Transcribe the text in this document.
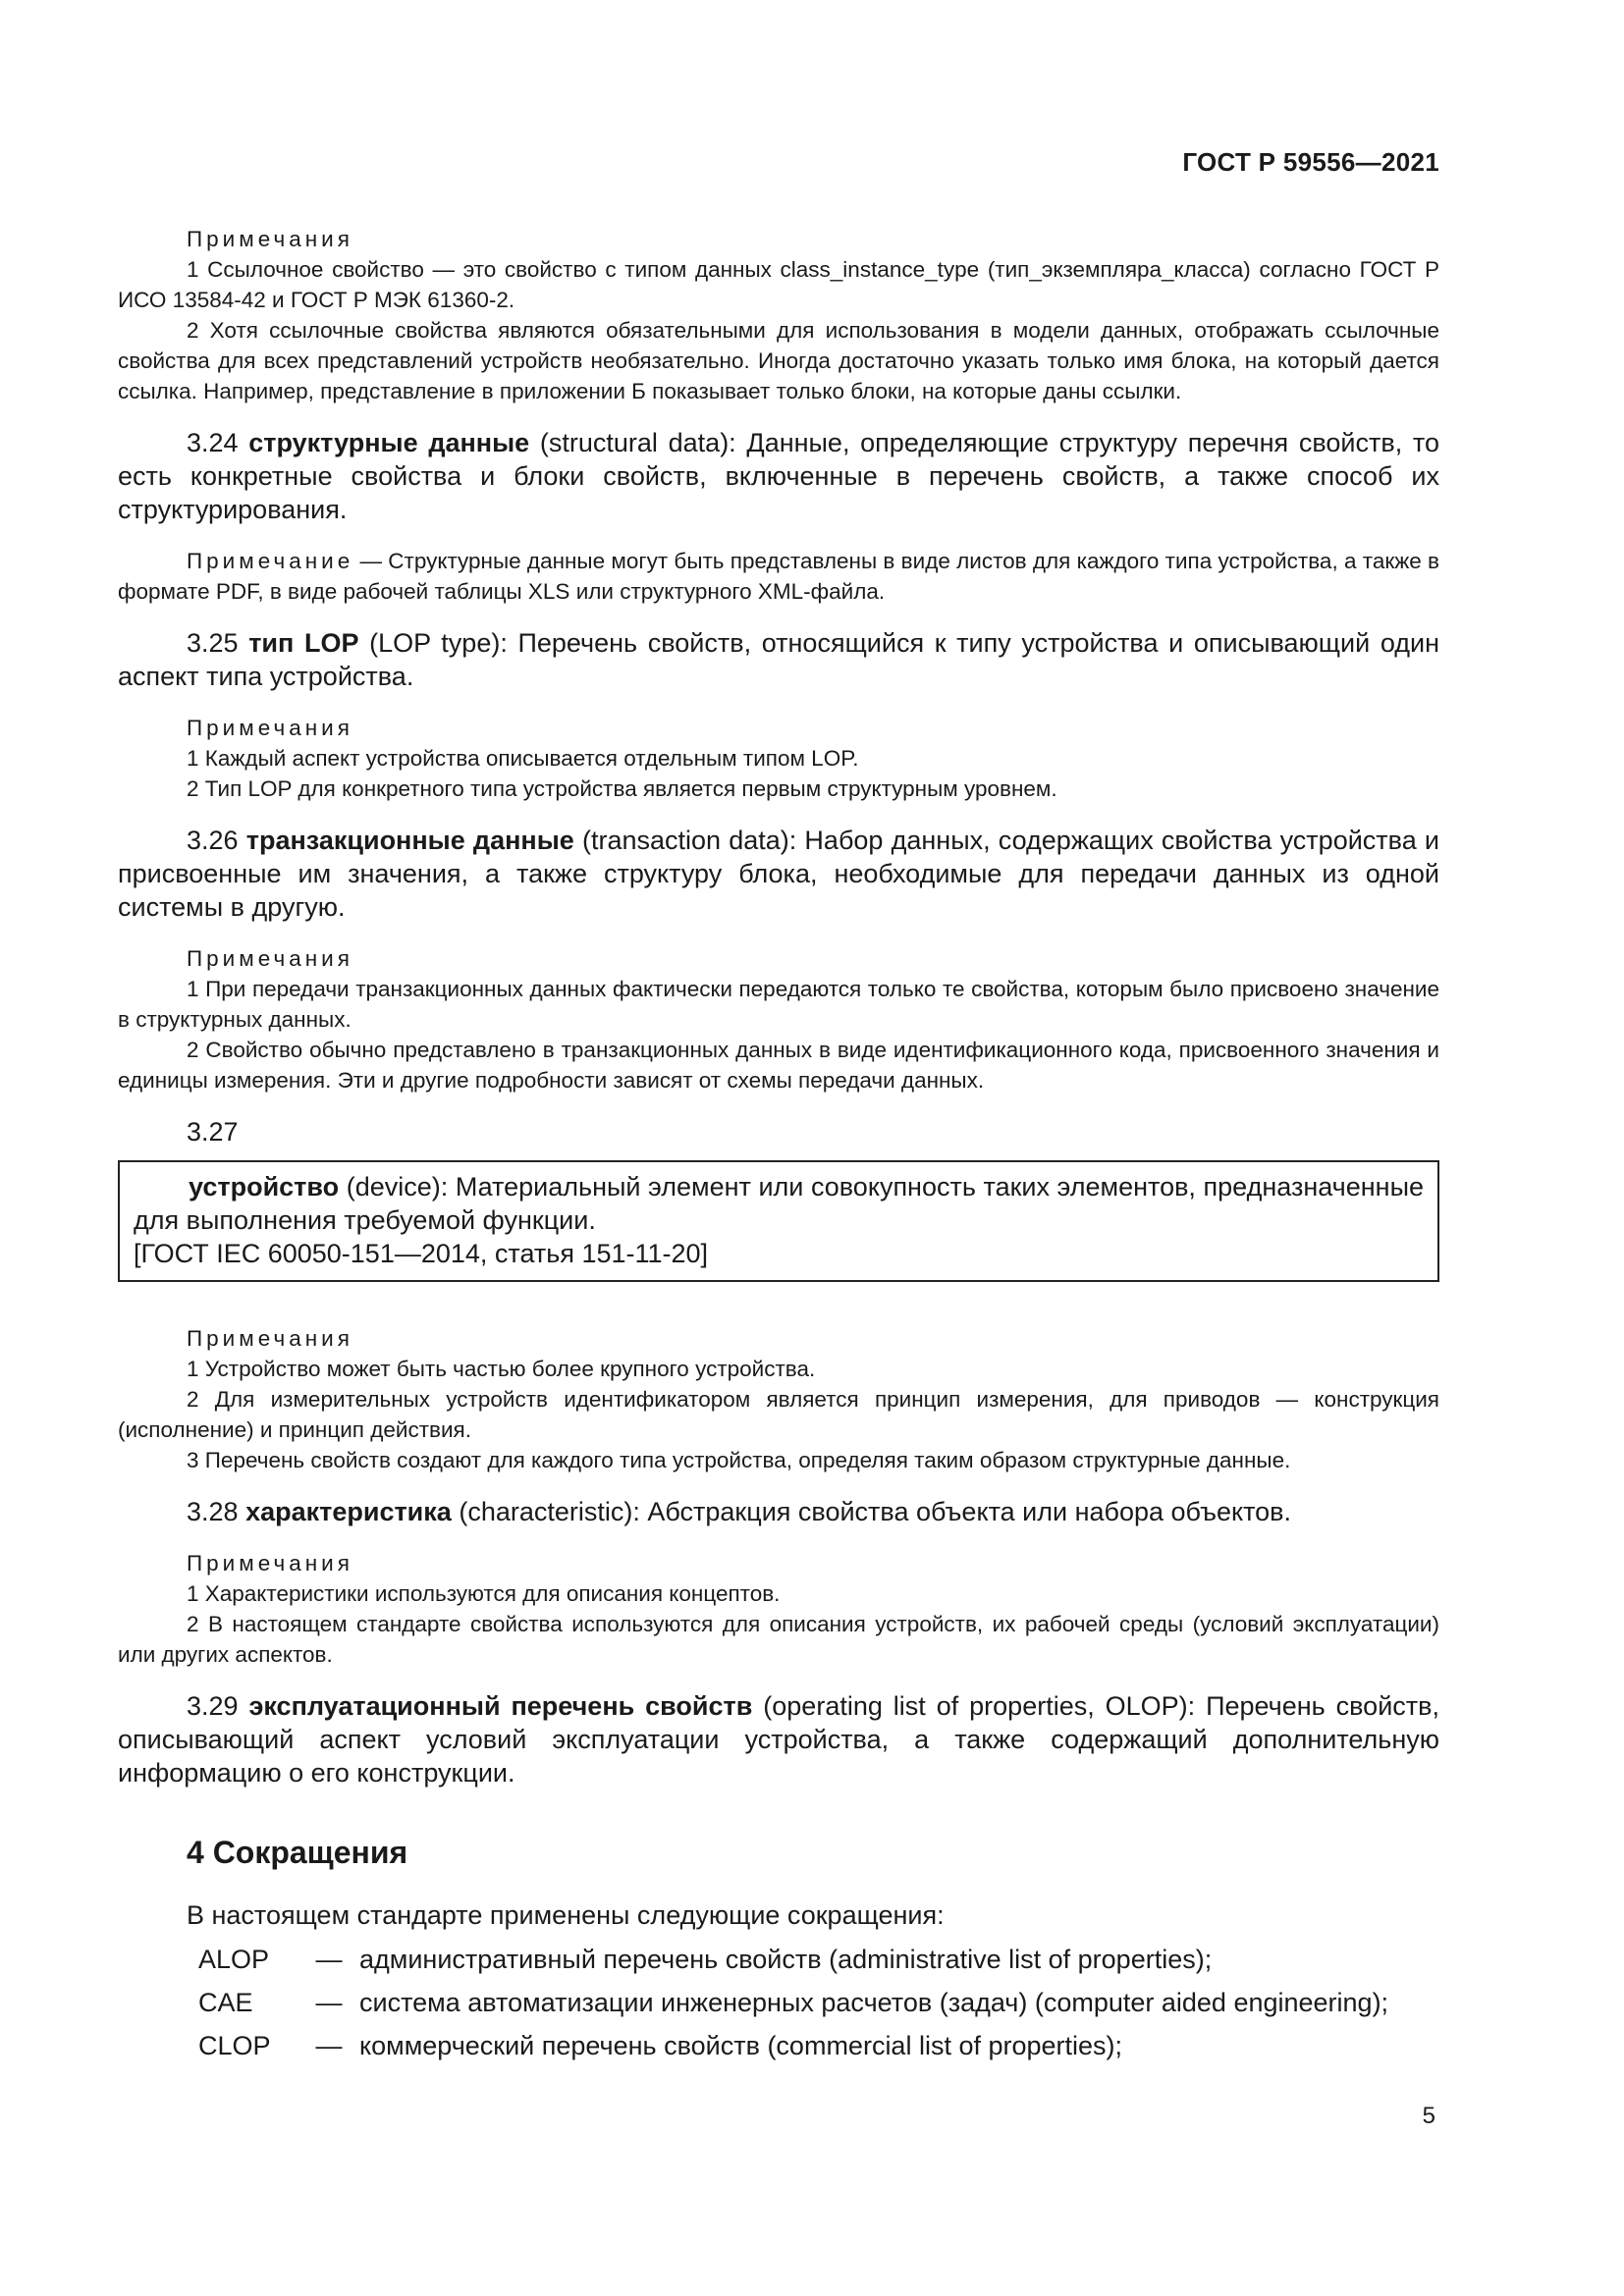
ГОСТ Р 59556—2021
Примечания

1 Ссылочное свойство — это свойство с типом данных class_instance_type (тип_экземпляра_класса) согласно ГОСТ Р ИСО 13584-42 и ГОСТ Р МЭК 61360-2.

2 Хотя ссылочные свойства являются обязательными для использования в модели данных, отображать ссылочные свойства для всех представлений устройств необязательно. Иногда достаточно указать только имя блока, на который дается ссылка. Например, представление в приложении Б показывает только блоки, на которые даны ссылки.

3.24 структурные данные (structural data): Данные, определяющие структуру перечня свойств, то есть конкретные свойства и блоки свойств, включенные в перечень свойств, а также способ их структурирования.

Примечание — Структурные данные могут быть представлены в виде листов для каждого типа устройства, а также в формате PDF, в виде рабочей таблицы XLS или структурного XML-файла.

3.25 тип LOP (LOP type): Перечень свойств, относящийся к типу устройства и описывающий один аспект типа устройства.

Примечания

1 Каждый аспект устройства описывается отдельным типом LOP.

2 Тип LOP для конкретного типа устройства является первым структурным уровнем.

3.26 транзакционные данные (transaction data): Набор данных, содержащих свойства устройства и присвоенные им значения, а также структуру блока, необходимые для передачи данных из одной системы в другую.

Примечания

1 При передачи транзакционных данных фактически передаются только те свойства, которым было присвоено значение в структурных данных.

2 Свойство обычно представлено в транзакционных данных в виде идентификационного кода, присвоенного значения и единицы измерения. Эти и другие подробности зависят от схемы передачи данных.

3.27

устройство (device): Материальный элемент или совокупность таких элементов, предназначенные для выполнения требуемой функции.

[ГОСТ IEC 60050-151—2014, статья 151-11-20]

Примечания

1 Устройство может быть частью более крупного устройства.

2 Для измерительных устройств идентификатором является принцип измерения, для приводов — конструкция (исполнение) и принцип действия.

3 Перечень свойств создают для каждого типа устройства, определяя таким образом структурные данные.

3.28 характеристика (characteristic): Абстракция свойства объекта или набора объектов.

Примечания

1 Характеристики используются для описания концептов.

2 В настоящем стандарте свойства используются для описания устройств, их рабочей среды (условий эксплуатации) или других аспектов.

3.29 эксплуатационный перечень свойств (operating list of properties, OLOP): Перечень свойств, описывающий аспект условий эксплуатации устройства, а также содержащий дополнительную информацию о его конструкции.

4 Сокращения

В настоящем стандарте применены следующие сокращения:

ALOP	— административный перечень свойств (administrative list of properties);
CAE	— система автоматизации инженерных расчетов (задач) (computer aided engineering);
CLOP	— коммерческий перечень свойств (commercial list of properties);
5
